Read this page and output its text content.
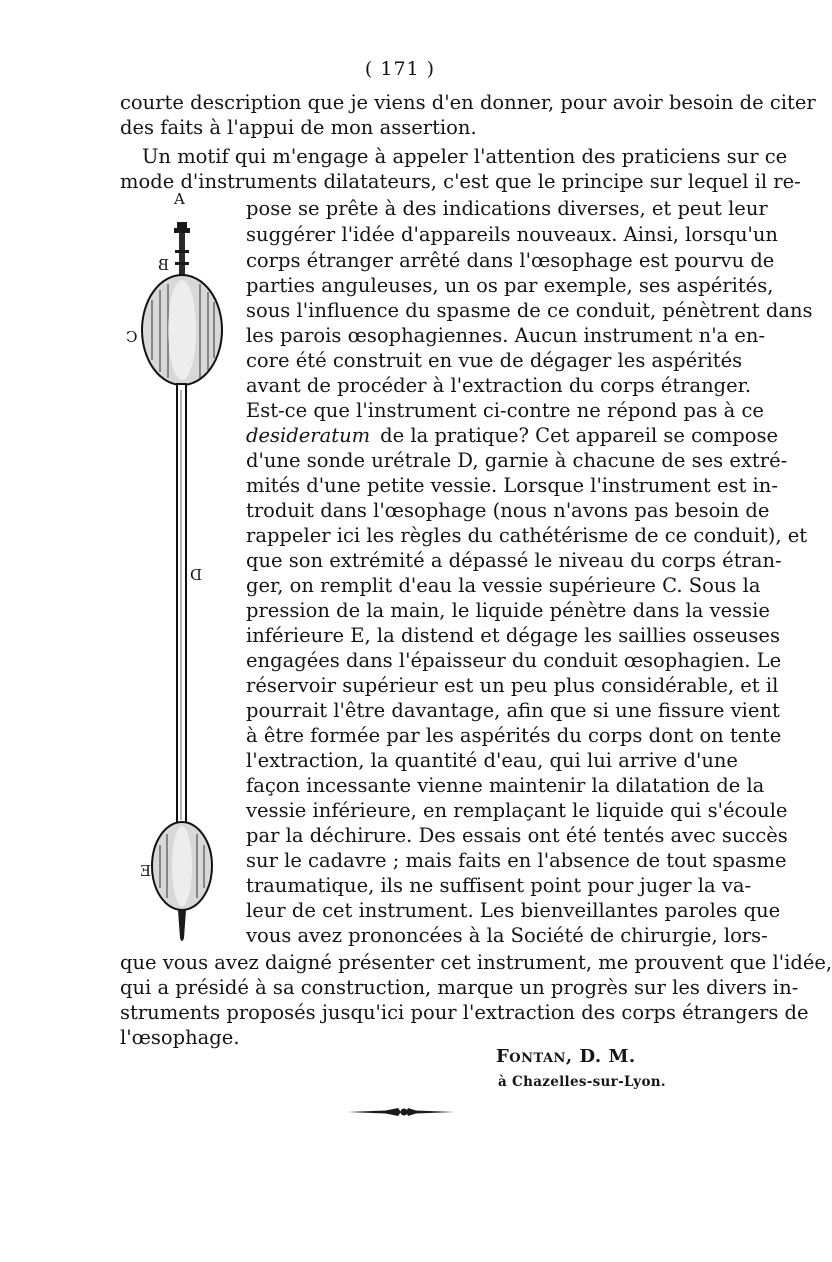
( 171 )
courte description que je viens d'en donner, pour avoir besoin de citer
des faits à l'appui de mon assertion.
Un motif qui m'engage à appeler l'attention des praticiens sur ce
mode d'instruments dilatateurs, c'est que le principe sur lequel il re-
pose se prête à des indications diverses, et peut leur
suggérer l'idée d'appareils nouveaux. Ainsi, lorsqu'un
corps étranger arrêté dans l'œsophage est pourvu de
parties anguleuses, un os par exemple, ses aspérités,
sous l'influence du spasme de ce conduit, pénètrent dans
les parois œsophagiennes. Aucun instrument n'a en-
core été construit en vue de dégager les aspérités
avant de procéder à l'extraction du corps étranger.
Est-ce que l'instrument ci-contre ne répond pas à ce
desideratum de la pratique? Cet appareil se compose
d'une sonde urétrale D, garnie à chacune de ses extré-
mités d'une petite vessie. Lorsque l'instrument est in-
troduit dans l'œsophage (nous n'avons pas besoin de
rappeler ici les règles du cathétérisme de ce conduit), et
que son extrémité a dépassé le niveau du corps étran-
ger, on remplit d'eau la vessie supérieure C. Sous la
pression de la main, le liquide pénètre dans la vessie
inférieure E, la distend et dégage les saillies osseuses
engagées dans l'épaisseur du conduit œsophagien. Le
réservoir supérieur est un peu plus considérable, et il
pourrait l'être davantage, afin que si une fissure vient
à être formée par les aspérités du corps dont on tente
l'extraction, la quantité d'eau, qui lui arrive d'une
façon incessante vienne maintenir la dilatation de la
vessie inférieure, en remplaçant le liquide qui s'écoule
par la déchirure. Des essais ont été tentés avec succès
sur le cadavre ; mais faits en l'absence de tout spasme
traumatique, ils ne suffisent point pour juger la va-
leur de cet instrument. Les bienveillantes paroles que
vous avez prononcées à la Société de chirurgie, lors-
que vous avez daigné présenter cet instrument, me prouvent que l'idée,
qui a présidé à sa construction, marque un progrès sur les divers in-
struments proposés jusqu'ici pour l'extraction des corps étrangers de
l'œsophage.
A
B
C
D
E
Fontan, D. M.
à Chazelles-sur-Lyon.
